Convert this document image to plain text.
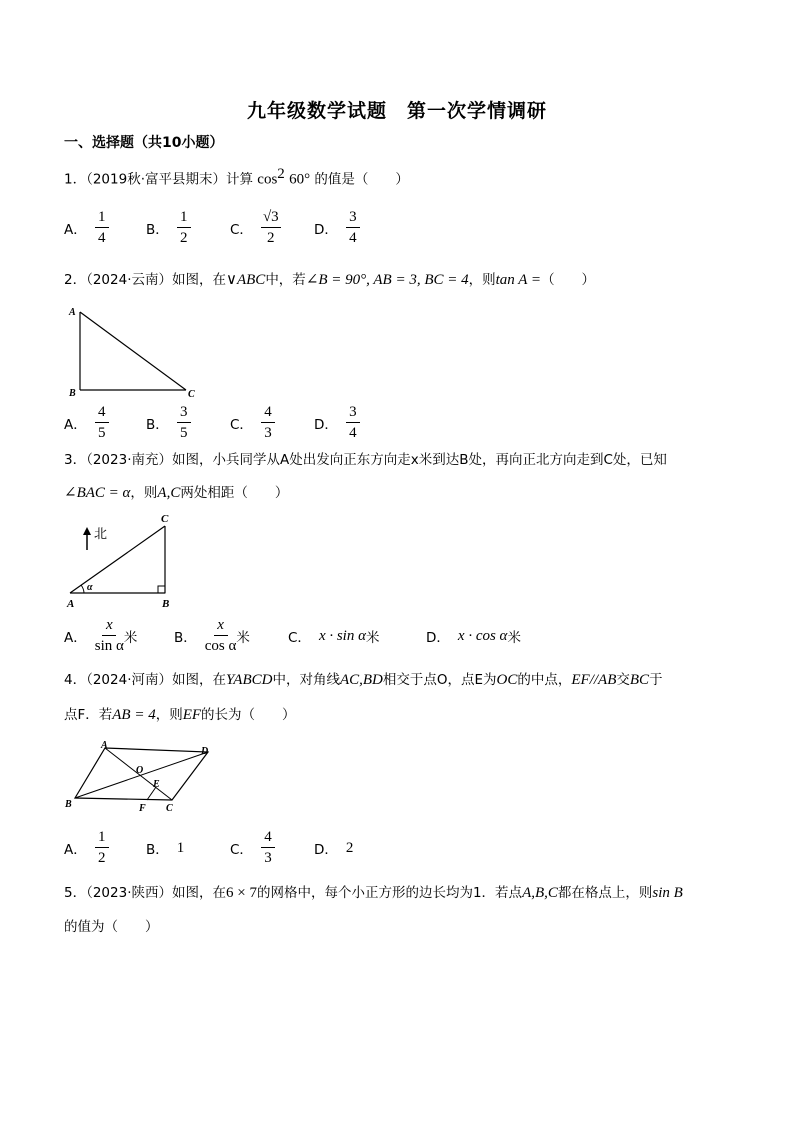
九年级数学试题　第一次学情调研
一、选择题（共10小题）
1．（2019秋·富平县期末）计算 $\cos^2 60^\circ$ 的值是（　　）
A． $\frac{1}{4}$	B． $\frac{1}{2}$	C． $\frac{√3}{2}$ D． $\frac{3}{4}$
2．（2024·云南）如图，在∨ABC中，若∠B = 90°, AB = 3, BC = 4，则tan A =（　　）
A
B	C
A． $\frac{4}{5}$	B． $\frac{3}{5}$	C． $\frac{4}{3}$	D． $\frac{3}{4}$
3．（2023·南充）如图，小兵同学从A处出发向正东方向走x米到达B处，再向正北方向走到C处，已知
∠BAC = α，则A,C两处相距（　　）
北
A	B
C
α
A． $\frac{x}{\text{sin α}}$ 米	B． $\frac{x}{\text{cos α}}$ 米	C． x · sin α 米	D． x · cos α 米
4．（2024·河南）如图，在YABCD中，对角线AC,BD相交于点O，点E为OC的中点，EF//AB交BC于
点F．若AB = 4，则EF的长为（　　）
A
B	C
D
O
E
F
A． $\frac{1}{2}$	B． 1	C． $\frac{4}{3}$	D． 2
5．（2023·陕西）如图，在6 × 7的网格中，每个小正方形的边长均为1．若点A,B,C都在格点上，则sin B
的值为（　　）
